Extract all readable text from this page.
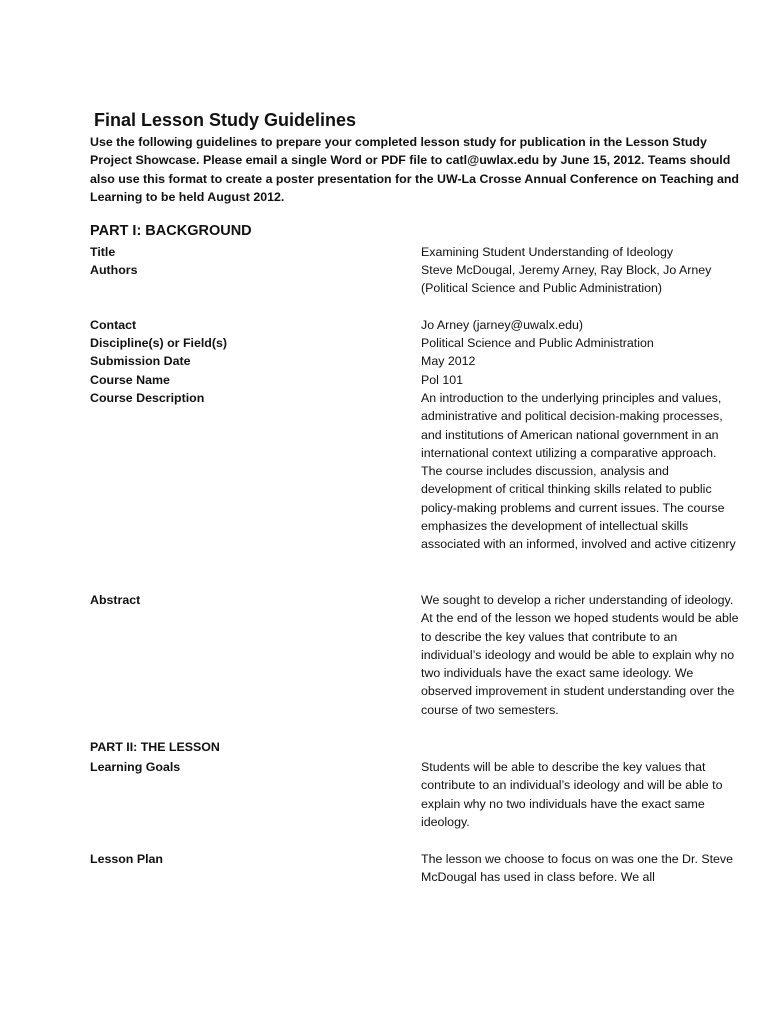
Final Lesson Study Guidelines

Use the following guidelines to prepare your completed lesson study for publication in the Lesson Study Project Showcase. Please email a single Word or PDF file to catl@uwlax.edu by June 15, 2012. Teams should also use this format to create a poster presentation for the UW-La Crosse Annual Conference on Teaching and Learning to be held August 2012.

PART I: BACKGROUND
Title	Examining Student Understanding of Ideology
Authors	Steve McDougal, Jeremy Arney, Ray Block, Jo Arney (Political Science and Public Administration)
Contact	Jo Arney (jarney@uwalx.edu)
Discipline(s) or Field(s)	Political Science and Public Administration
Submission Date	May 2012
Course Name	Pol 101
Course Description	An introduction to the underlying principles and values, administrative and political decision-making processes, and institutions of American national government in an international context utilizing a comparative approach. The course includes discussion, analysis and development of critical thinking skills related to public policy-making problems and current issues. The course emphasizes the development of intellectual skills associated with an informed, involved and active citizenry
Abstract	We sought to develop a richer understanding of ideology. At the end of the lesson we hoped students would be able to describe the key values that contribute to an individual’s ideology and would be able to explain why no two individuals have the exact same ideology. We observed improvement in student understanding over the course of two semesters.
PART II: THE LESSON
Learning Goals	Students will be able to describe the key values that contribute to an individual’s ideology and will be able to explain why no two individuals have the exact same ideology.
Lesson Plan	The lesson we choose to focus on was one the Dr. Steve McDougal has used in class before. We all
